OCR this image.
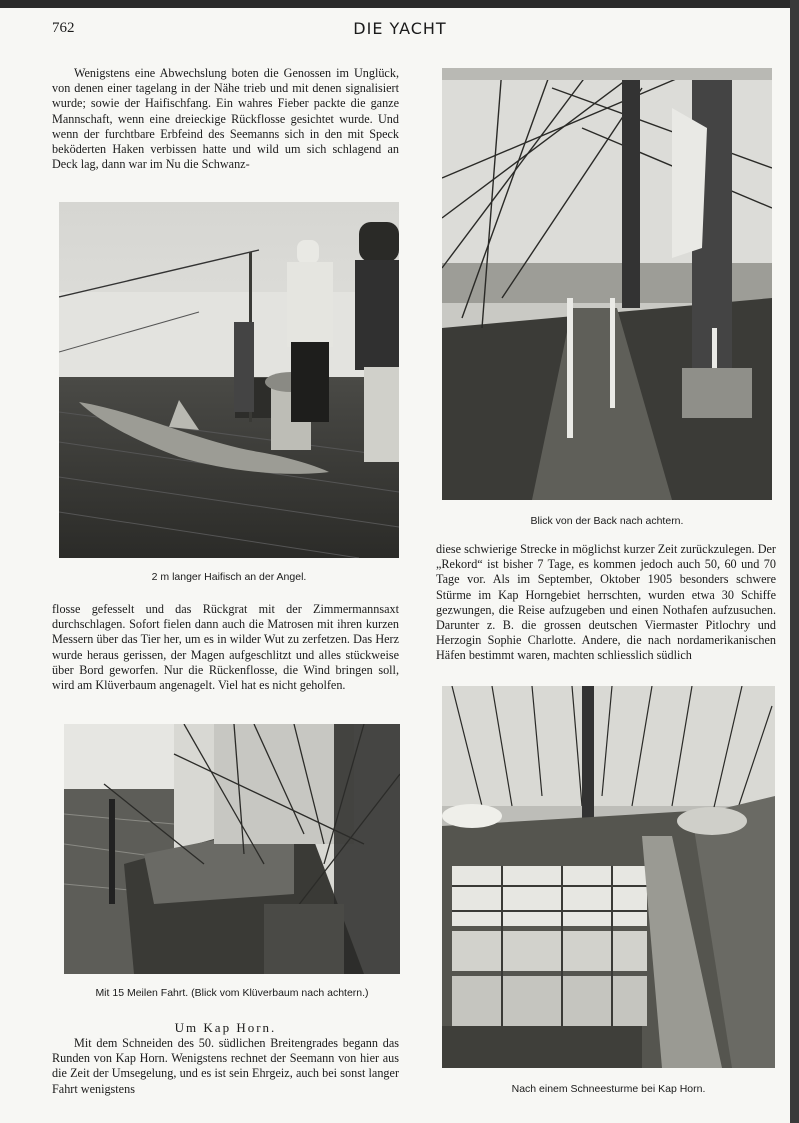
762	DIE YACHT

Wenigstens eine Abwechslung boten die Genossen im Unglück, von denen einer tagelang in der Nähe trieb und mit denen signalisiert wurde; sowie der Haifischfang. Ein wahres Fieber packte die ganze Mannschaft, wenn eine dreieckige Rückflosse gesichtet wurde. Und wenn der furchtbare Erbfeind des Seemanns sich in den mit Speck beköderten Haken verbissen hatte und wild um sich schlagend an Deck lag, dann war im Nu die Schwanz-

2 m langer Haifisch an der Angel.

flosse gefesselt und das Rückgrat mit der Zimmermannsaxt durchschlagen. Sofort fielen dann auch die Matrosen mit ihren kurzen Messern über das Tier her, um es in wilder Wut zu zerfetzen. Das Herz wurde heraus gerissen, der Magen aufgeschlitzt und alles stückweise über Bord geworfen. Nur die Rückenflosse, die Wind bringen soll, wird am Klüverbaum angenagelt. Viel hat es nicht geholfen.

Mit 15 Meilen Fahrt. (Blick vom Klüverbaum nach achtern.)

Um Kap Horn.

Mit dem Schneiden des 50. südlichen Breitengrades begann das Runden von Kap Horn. Wenigstens rechnet der Seemann von hier aus die Zeit der Umsegelung, und es ist sein Ehrgeiz, auch bei sonst langer Fahrt wenigstens

Blick von der Back nach achtern.

diese schwierige Strecke in möglichst kurzer Zeit zurückzulegen. Der „Rekord“ ist bisher 7 Tage, es kommen jedoch auch 50, 60 und 70 Tage vor. Als im September, Oktober 1905 besonders schwere Stürme im Kap Horngebiet herrschten, wurden etwa 30 Schiffe gezwungen, die Reise aufzugeben und einen Nothafen aufzusuchen. Darunter z. B. die grossen deutschen Viermaster Pitlochry und Herzogin Sophie Charlotte. Andere, die nach nordamerikanischen Häfen bestimmt waren, machten schliesslich südlich

Nach einem Schneesturme bei Kap Horn.
